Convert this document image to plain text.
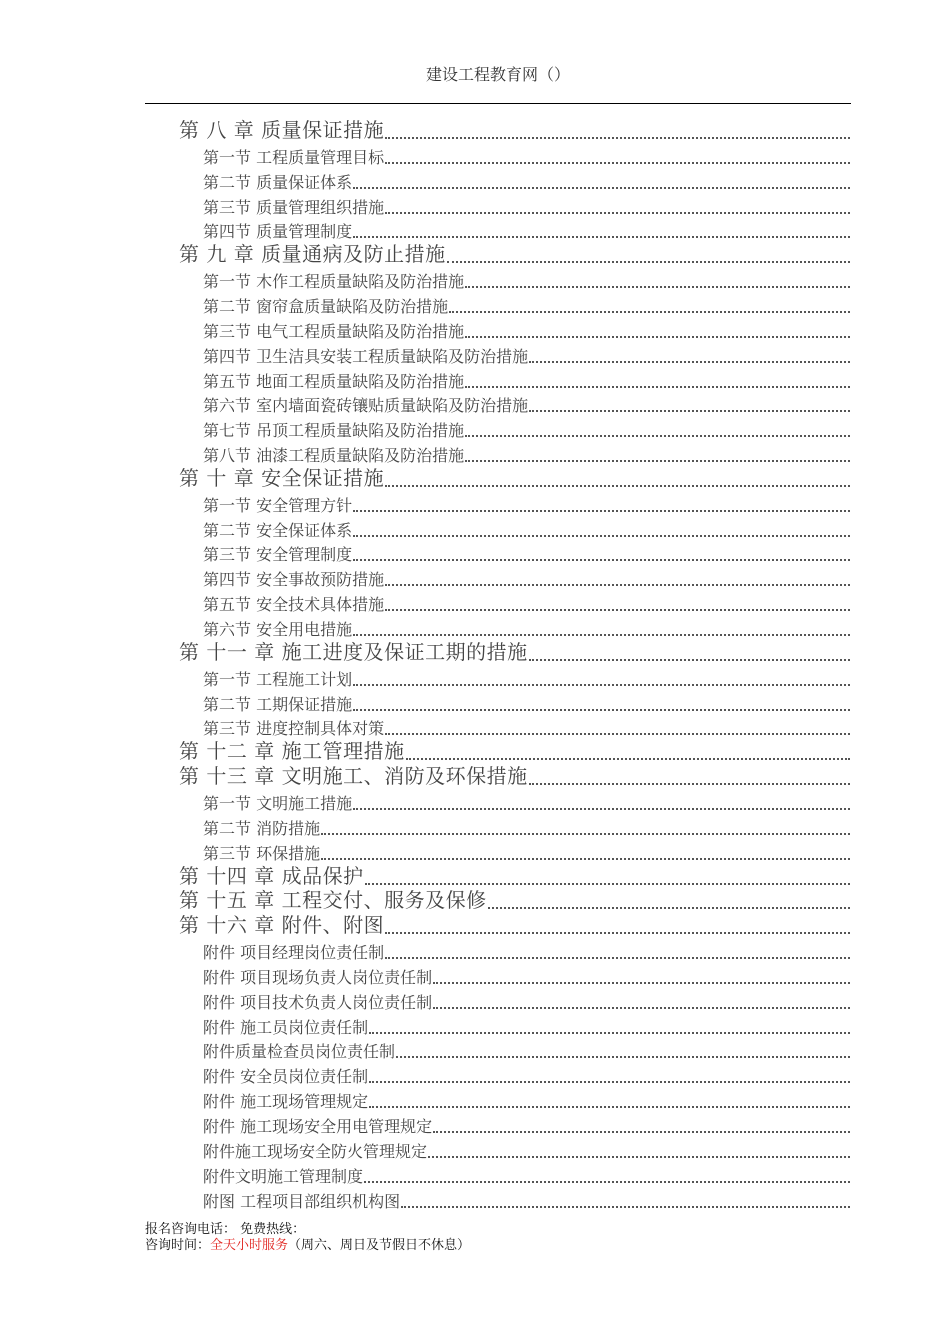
建设工程教育网（）
第 八 章 质量保证措施
第一节 工程质量管理目标
第二节 质量保证体系
第三节 质量管理组织措施
第四节 质量管理制度
第 九 章 质量通病及防止措施
第一节 木作工程质量缺陷及防治措施
第二节 窗帘盒质量缺陷及防治措施
第三节 电气工程质量缺陷及防治措施
第四节 卫生洁具安装工程质量缺陷及防治措施
第五节 地面工程质量缺陷及防治措施
第六节 室内墙面瓷砖镶贴质量缺陷及防治措施
第七节 吊顶工程质量缺陷及防治措施
第八节 油漆工程质量缺陷及防治措施
第 十 章 安全保证措施
第一节 安全管理方针
第二节 安全保证体系
第三节 安全管理制度
第四节 安全事故预防措施
第五节 安全技术具体措施
第六节 安全用电措施
第 十一 章 施工进度及保证工期的措施
第一节 工程施工计划
第二节 工期保证措施
第三节 进度控制具体对策
第 十二 章 施工管理措施
第 十三 章 文明施工、消防及环保措施
第一节 文明施工措施
第二节 消防措施
第三节 环保措施
第 十四 章 成品保护
第 十五 章 工程交付、服务及保修
第 十六 章 附件、附图
附件 项目经理岗位责任制
附件 项目现场负责人岗位责任制
附件 项目技术负责人岗位责任制
附件 施工员岗位责任制
附件质量检查员岗位责任制
附件 安全员岗位责任制
附件 施工现场管理规定
附件 施工现场安全用电管理规定
附件施工现场安全防火管理规定
附件文明施工管理制度
附图 工程项目部组织机构图
报名咨询电话： 免费热线：
咨询时间：全天小时服务（周六、周日及节假日不休息）
